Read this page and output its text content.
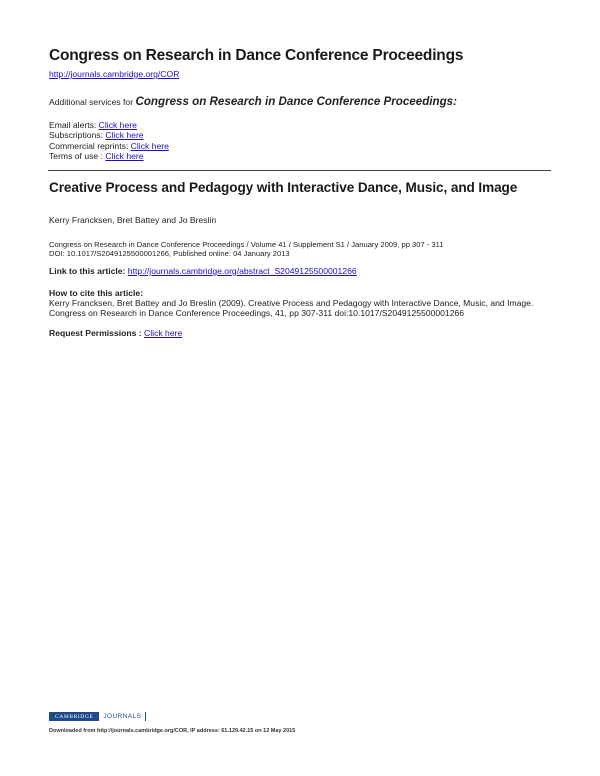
Congress on Research in Dance Conference Proceedings
http://journals.cambridge.org/COR
Additional services for Congress on Research in Dance Conference Proceedings:
Email alerts: Click here
Subscriptions: Click here
Commercial reprints: Click here
Terms of use : Click here
Creative Process and Pedagogy with Interactive Dance, Music, and Image
Kerry Francksen, Bret Battey and Jo Breslin
Congress on Research in Dance Conference Proceedings / Volume 41 / Supplement S1 / January 2009, pp 307 - 311
DOI: 10.1017/S2049125500001266, Published online: 04 January 2013
Link to this article: http://journals.cambridge.org/abstract_S2049125500001266
How to cite this article:
Kerry Francksen, Bret Battey and Jo Breslin (2009). Creative Process and Pedagogy with Interactive Dance, Music, and Image.
Congress on Research in Dance Conference Proceedings, 41, pp 307-311 doi:10.1017/S2049125500001266
Request Permissions : Click here
CAMBRIDGE	JOURNALS
Downloaded from http://journals.cambridge.org/COR, IP address: 61.129.42.15 on 12 May 2015
